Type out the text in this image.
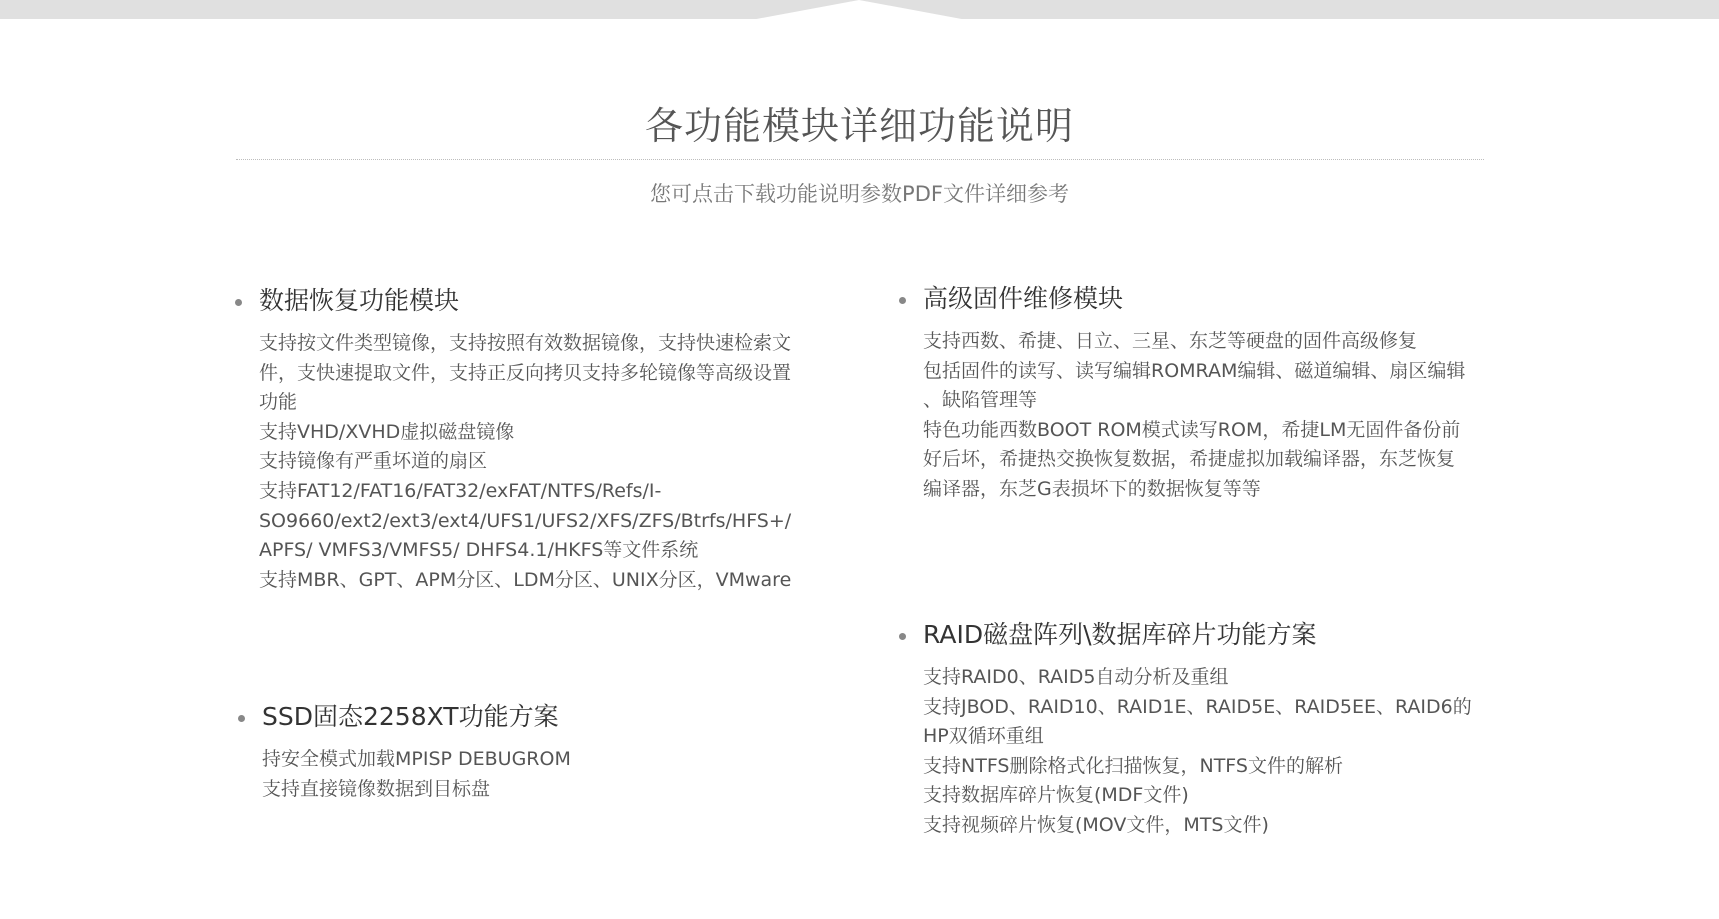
各功能模块详细功能说明
您可点击下载功能说明参数PDF文件详细参考
数据恢复功能模块
支持按文件类型镜像，支持按照有效数据镜像，支持快速检索文
件，支快速提取文件，支持正反向拷贝支持多轮镜像等高级设置
功能
支持VHD/XVHD虚拟磁盘镜像
支持镜像有严重坏道的扇区
支持FAT12/FAT16/FAT32/exFAT/NTFS/Refs/I-
SO9660/ext2/ext3/ext4/UFS1/UFS2/XFS/ZFS/Btrfs/HFS+/
APFS/ VMFS3/VMFS5/ DHFS4.1/HKFS等文件系统
支持MBR、GPT、APM分区、LDM分区、UNIX分区，VMware
SSD固态2258XT功能方案
持安全模式加载MPISP DEBUGROM
支持直接镜像数据到目标盘
高级固件维修模块
支持西数、希捷、日立、三星、东芝等硬盘的固件高级修复
包括固件的读写、读写编辑ROMRAM编辑、磁道编辑、扇区编辑
、缺陷管理等
特色功能西数BOOT ROM模式读写ROM，希捷LM无固件备份前
好后坏，希捷热交换恢复数据，希捷虚拟加载编译器，东芝恢复
编译器，东芝G表损坏下的数据恢复等等
RAID磁盘阵列\数据库碎片功能方案
支持RAID0、RAID5自动分析及重组
支持JBOD、RAID10、RAID1E、RAID5E、RAID5EE、RAID6的
HP双循环重组
支持NTFS删除格式化扫描恢复，NTFS文件的解析
支持数据库碎片恢复(MDF文件)
支持视频碎片恢复(MOV文件，MTS文件)
